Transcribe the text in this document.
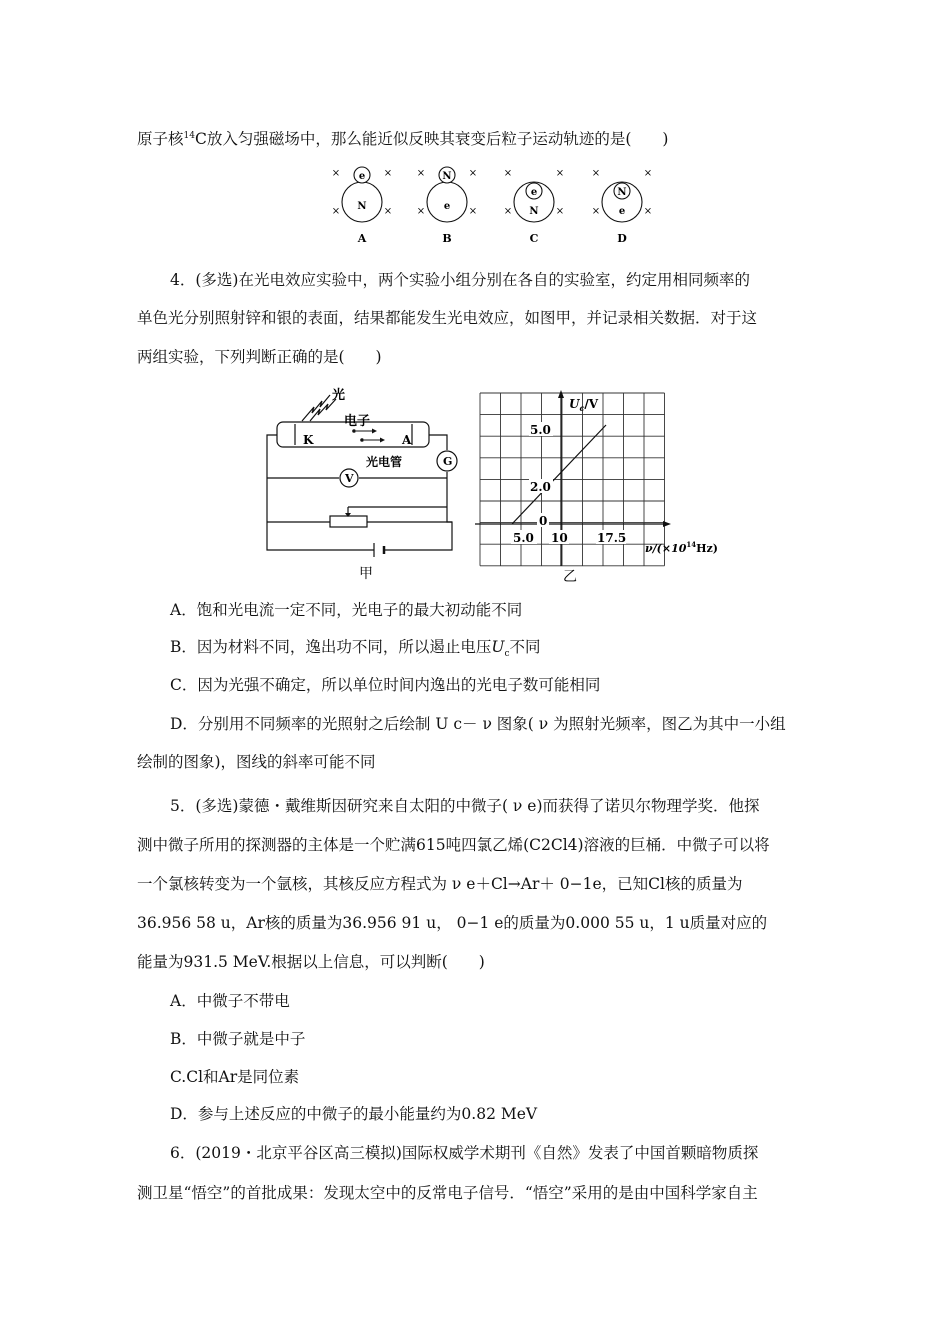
原子核$^{14}$C放入匀强磁场中，那么能近似反映其衰变后粒子运动轨迹的是(　　)
e
N
×	×
×	×
A
N
e
×	×
×	×
B
e
N
×	×
×	×
C
N
e
×	×
×	×
D
4．(多选)在光电效应实验中，两个实验小组分别在各自的实验室，约定用相同频率的
单色光分别照射锌和银的表面，结果都能发生光电效应，如图甲，并记录相关数据．对于这
两组实验，下列判断正确的是(　　)
光
电子
K	A
光电管	G
V
甲
$U_c/V$
5.0
2.0
0
5.0 10 17.5
$\nu/(\times 10^{14}Hz)$
乙
A．饱和光电流一定不同，光电子的最大初动能不同
B．因为材料不同，逸出功不同，所以遏止电压$U_c$不同
C．因为光强不确定，所以单位时间内逸出的光电子数可能相同
D．分别用不同频率的光照射之后绘制 U c－ ν 图象( ν 为照射光频率，图乙为其中一小组
绘制的图象)，图线的斜率可能不同
5．(多选)蒙德・戴维斯因研究来自太阳的中微子( ν e)而获得了诺贝尔物理学奖．他探
测中微子所用的探测器的主体是一个贮满615吨四氯乙烯(C2Cl4)溶液的巨桶．中微子可以将
一个氯核转变为一个氩核，其核反应方程式为 ν e＋Cl→Ar＋ 0−1e，已知Cl核的质量为
36.956 58 u，Ar核的质量为36.956 91 u， 0−1 e的质量为0.000 55 u，1 u质量对应的
能量为931.5 MeV.根据以上信息，可以判断(　　)
A．中微子不带电
B．中微子就是中子
C.Cl和Ar是同位素
D．参与上述反应的中微子的最小能量约为0.82 MeV
6．(2019・北京平谷区高三模拟)国际权威学术期刊《自然》发表了中国首颗暗物质探
测卫星“悟空”的首批成果：发现太空中的反常电子信号．“悟空”采用的是由中国科学家自主
